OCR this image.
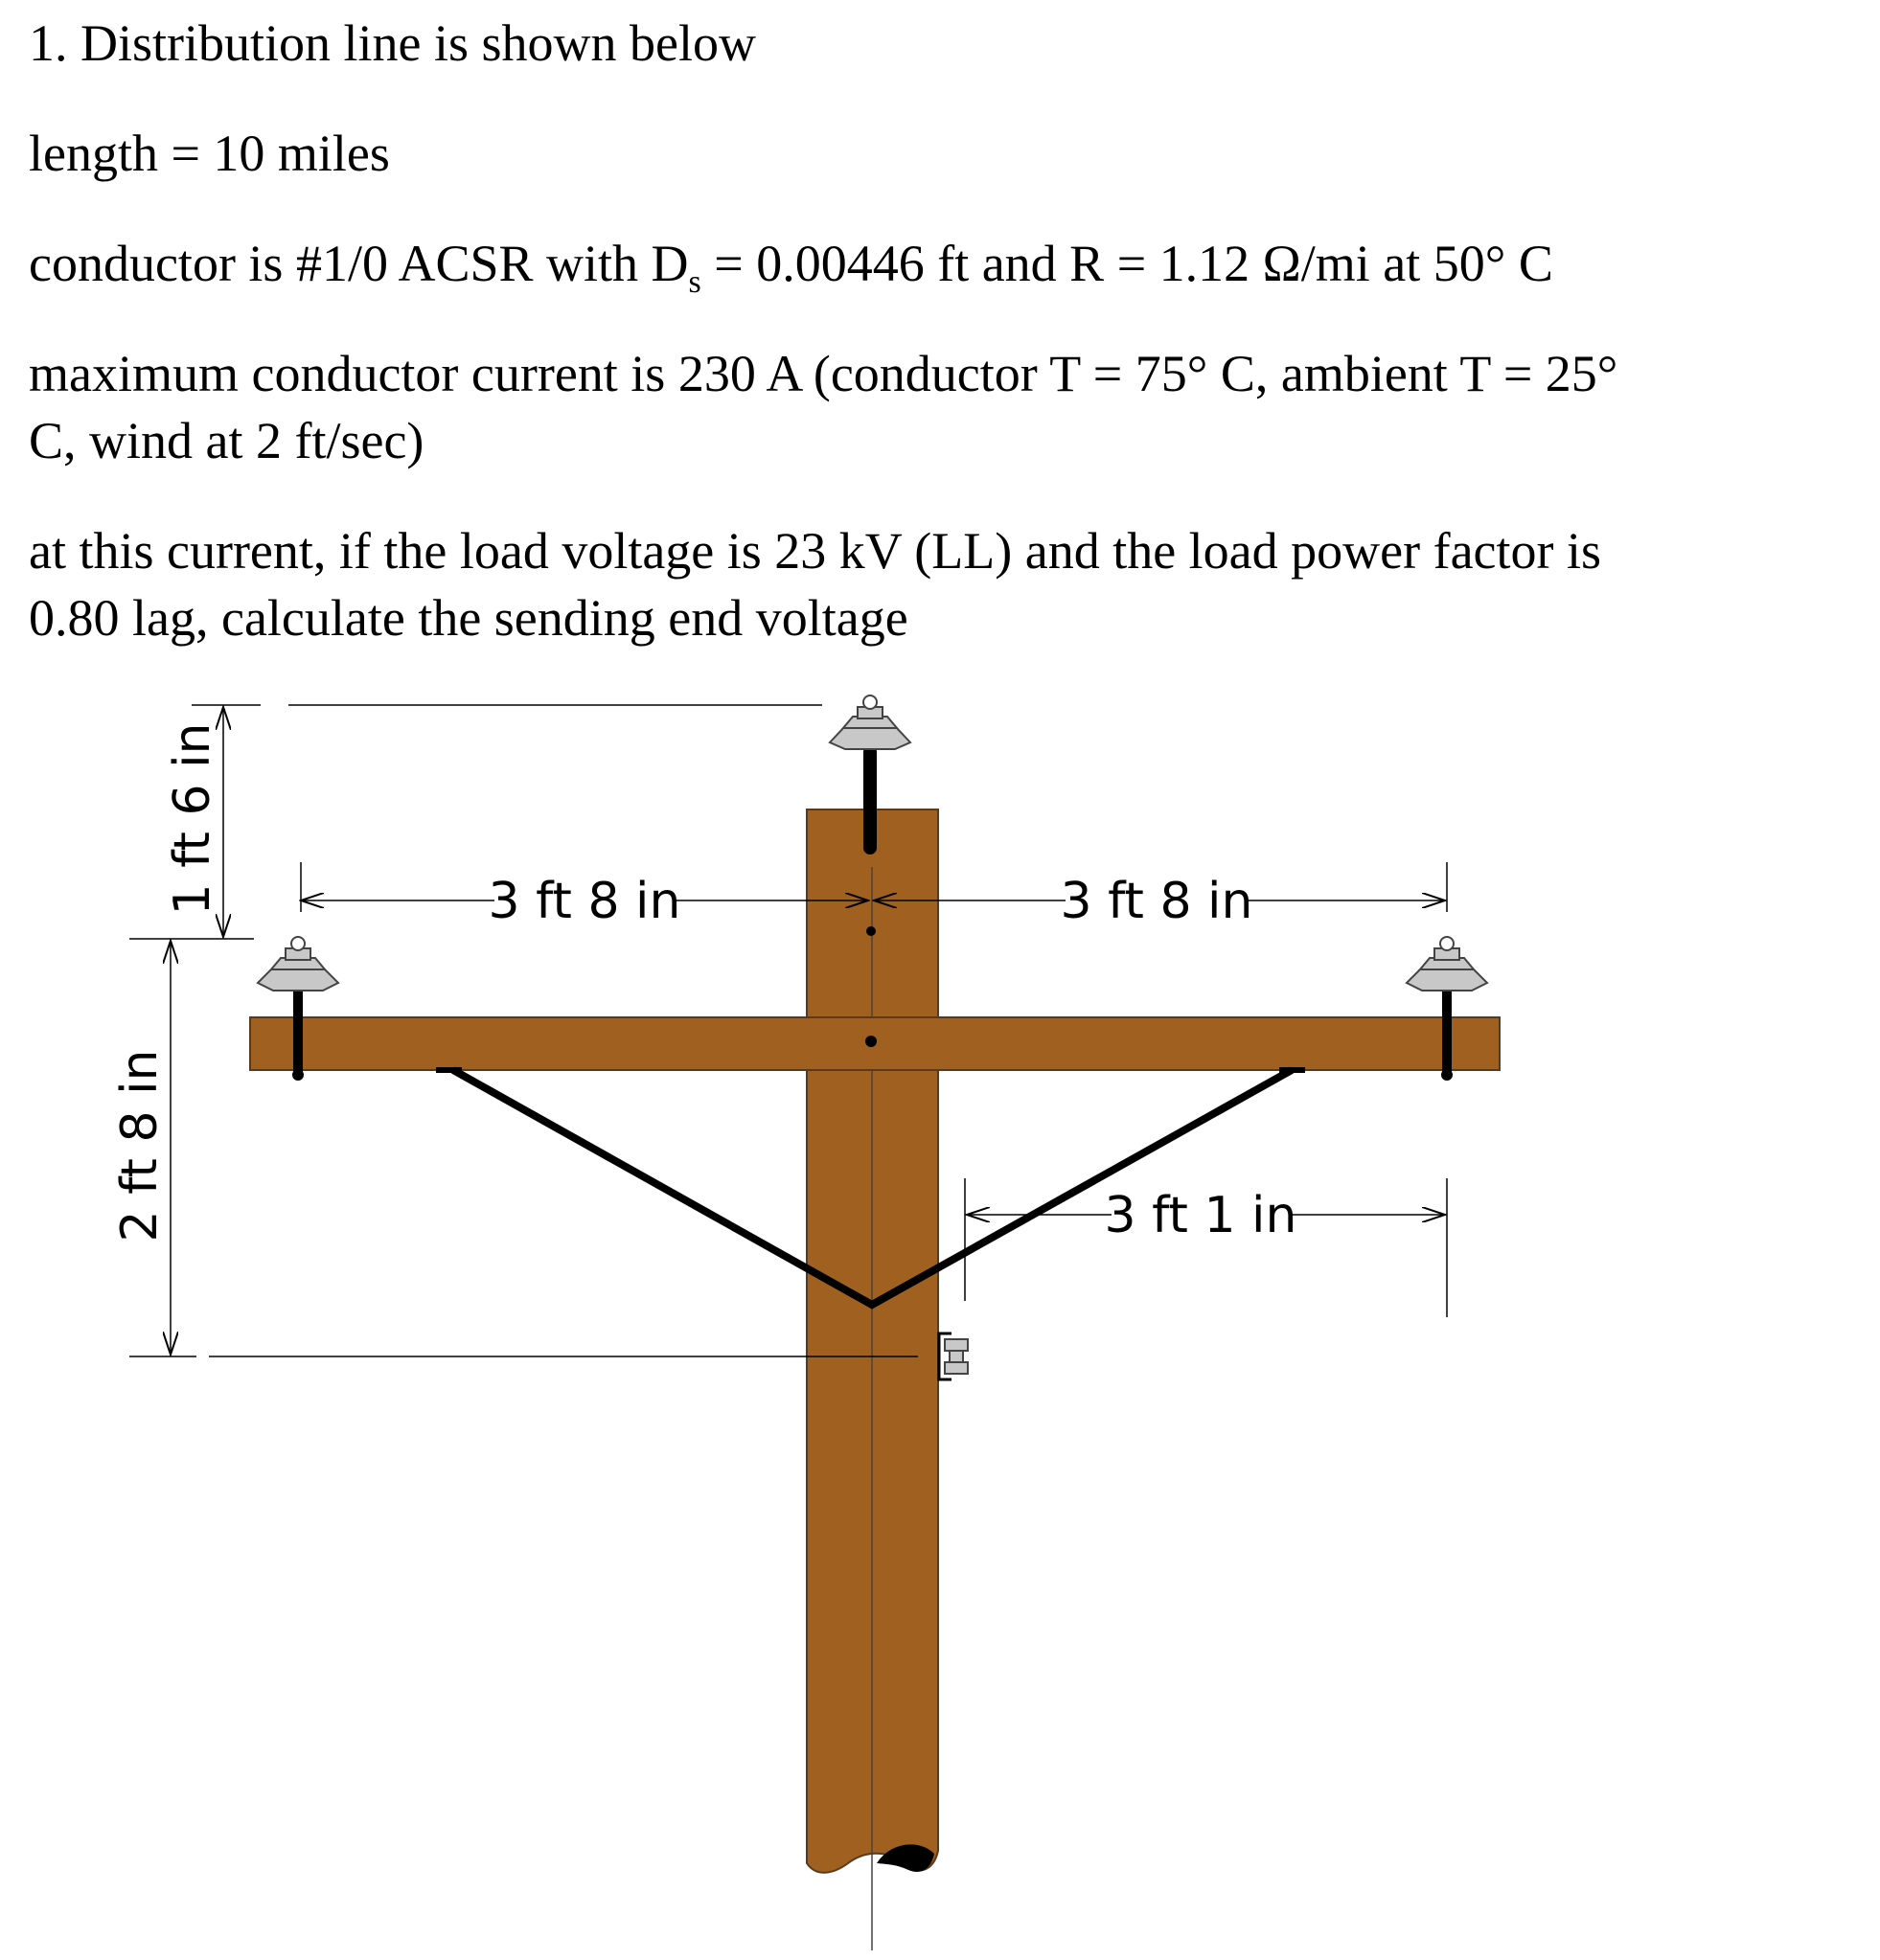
1. Distribution line is shown below
length = 10 miles
conductor is #1/0 ACSR with $D_s = 0.00446$ ft and R = 1.12 Ω/mi at 50° C
maximum conductor current is 230 A (conductor T = 75° C, ambient T = 25°
C, wind at 2 ft/sec)
at this current, if the load voltage is 23 kV (LL) and the load power factor is
0.80 lag, calculate the sending end voltage
1 ft 6 in
2 ft 8 in
3 ft 8 in	3 ft 8 in
3 ft 1 in
